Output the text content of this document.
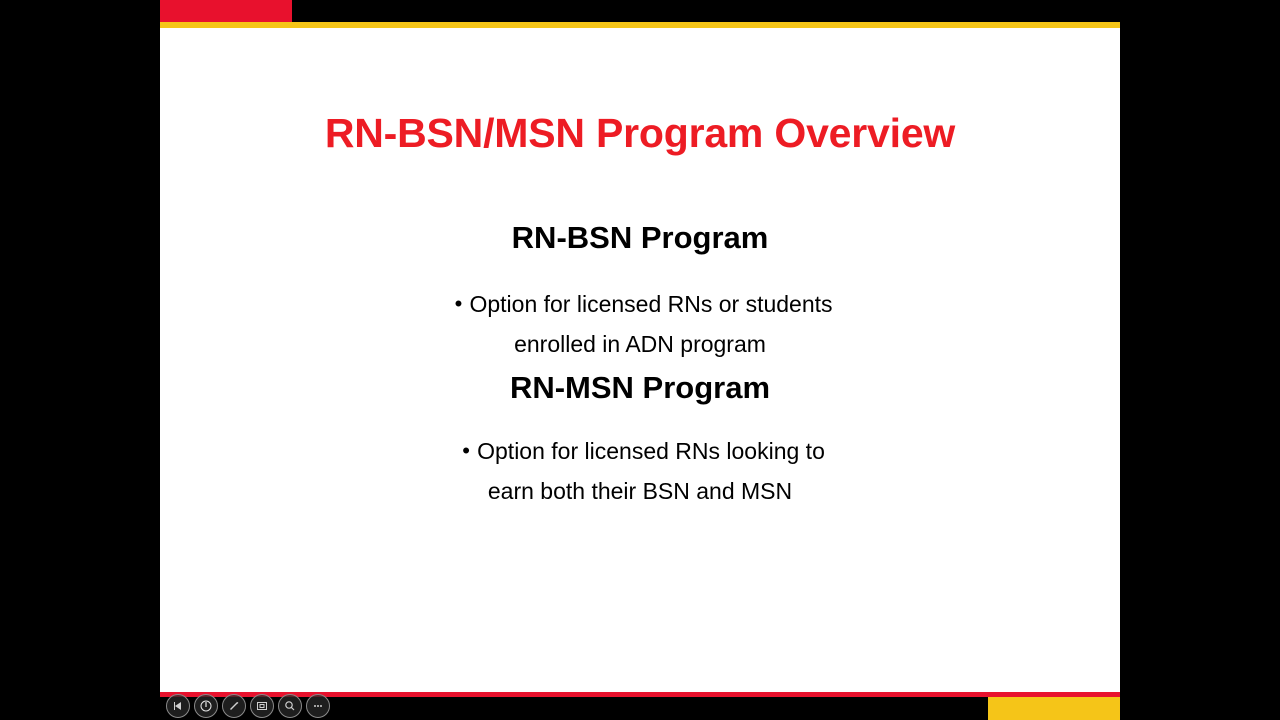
RN-BSN/MSN Program Overview
RN-BSN Program
• Option for licensed RNs or students
enrolled in ADN program
RN-MSN Program
• Option for licensed RNs looking to
earn both their BSN and MSN
